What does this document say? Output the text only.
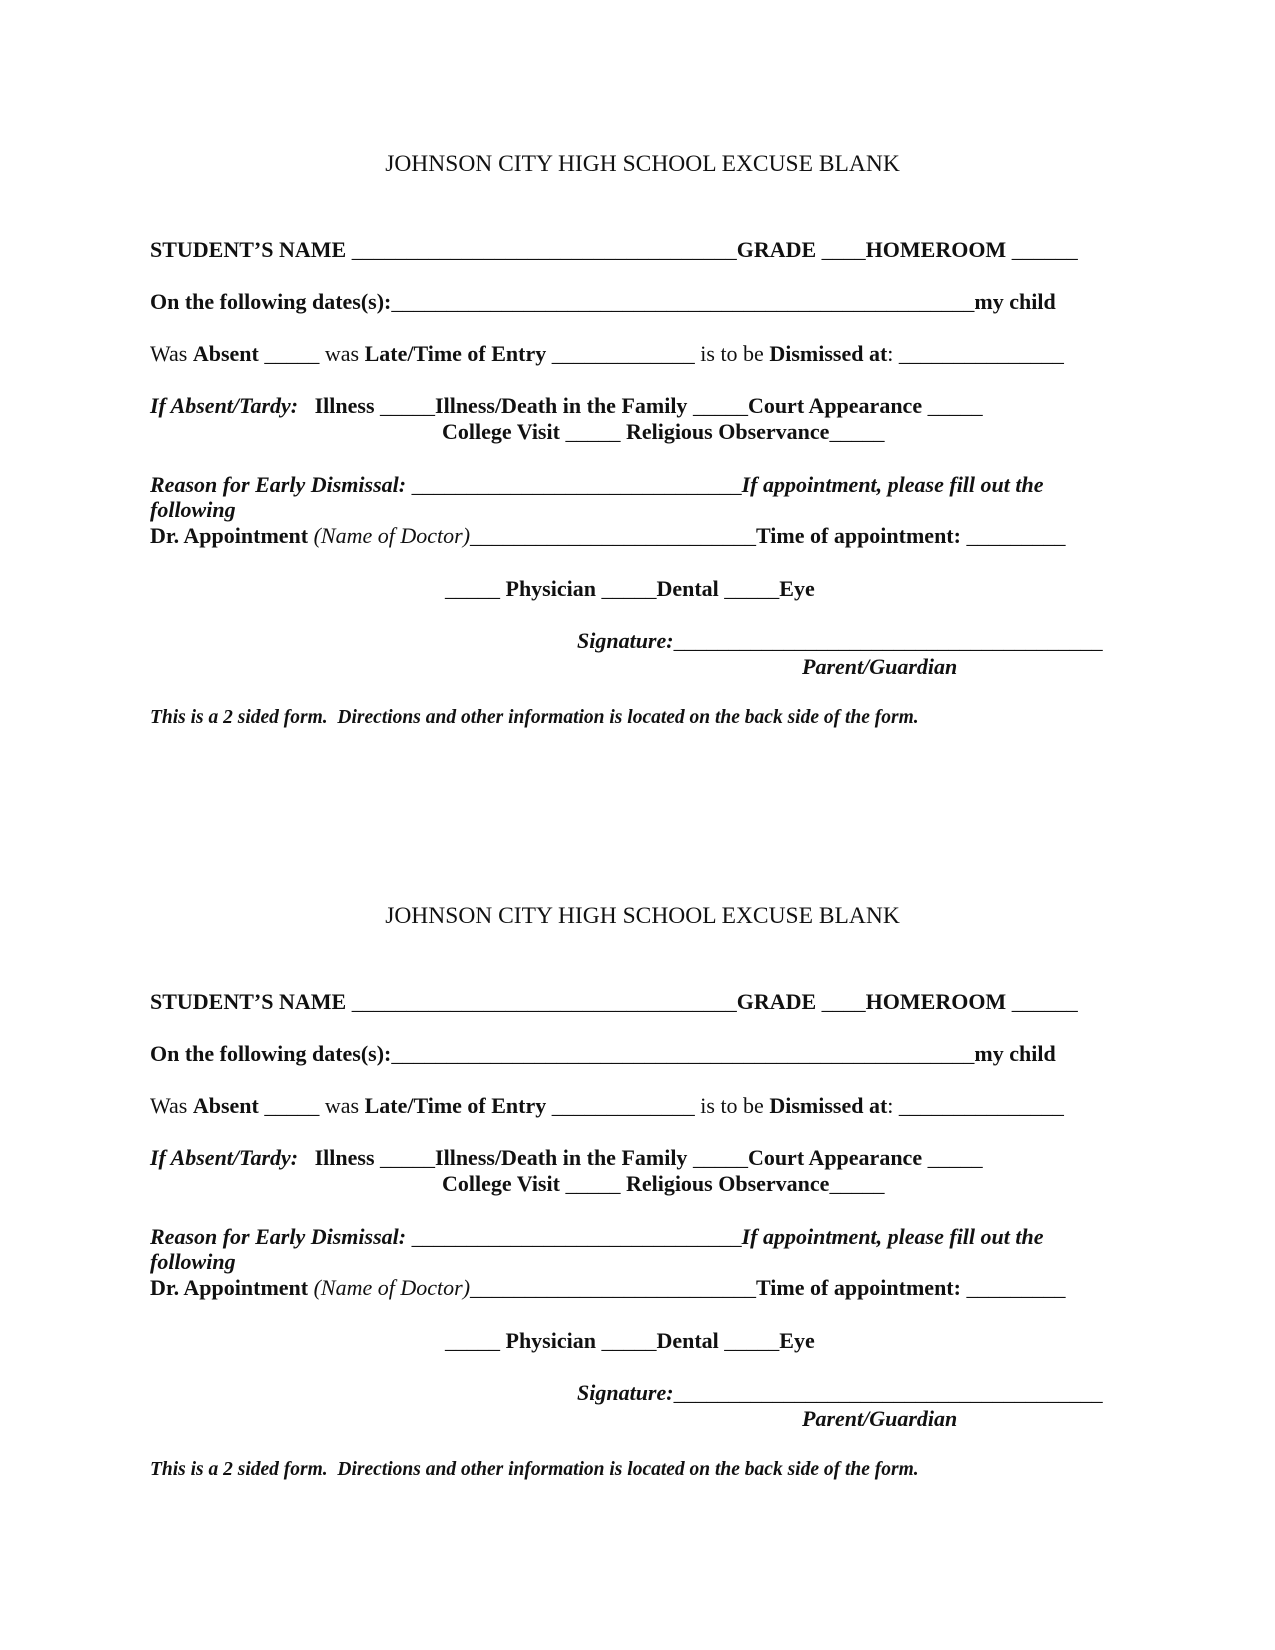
JOHNSON CITY HIGH SCHOOL EXCUSE BLANK
STUDENT’S NAME ___________________________________GRADE ____HOMEROOM ______
On the following dates(s):_____________________________________________________my child
Was Absent _____ was Late/Time of Entry _____________ is to be Dismissed at: _______________
If Absent/Tardy: Illness _____Illness/Death in the Family _____Court Appearance _____
College Visit _____ Religious Observance_____
Reason for Early Dismissal: ______________________________If appointment, please fill out the
following
Dr. Appointment (Name of Doctor)__________________________Time of appointment: _________
_____ Physician _____Dental _____Eye
Signature:_______________________________________
Parent/Guardian
This is a 2 sided form.  Directions and other information is located on the back side of the form.
JOHNSON CITY HIGH SCHOOL EXCUSE BLANK
STUDENT’S NAME ___________________________________GRADE ____HOMEROOM ______
On the following dates(s):_____________________________________________________my child
Was Absent _____ was Late/Time of Entry _____________ is to be Dismissed at: _______________
If Absent/Tardy: Illness _____Illness/Death in the Family _____Court Appearance _____
College Visit _____ Religious Observance_____
Reason for Early Dismissal: ______________________________If appointment, please fill out the
following
Dr. Appointment (Name of Doctor)__________________________Time of appointment: _________
_____ Physician _____Dental _____Eye
Signature:_______________________________________
Parent/Guardian
This is a 2 sided form.  Directions and other information is located on the back side of the form.
